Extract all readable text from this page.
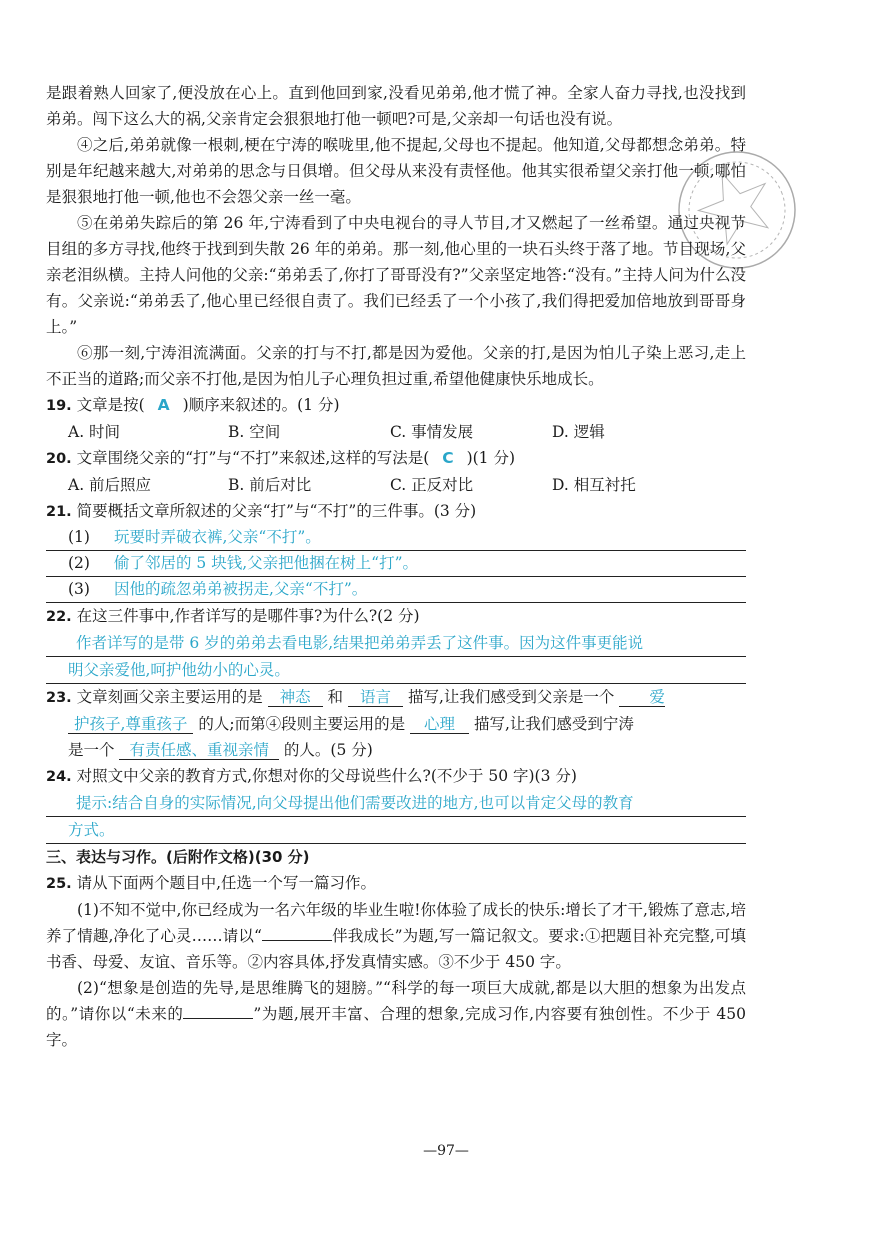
是跟着熟人回家了,便没放在心上。直到他回到家,没看见弟弟,他才慌了神。全家人奋力寻找,也没找到弟弟。闯下这么大的祸,父亲肯定会狠狠地打他一顿吧?可是,父亲却一句话也没有说。

④之后,弟弟就像一根刺,梗在宁涛的喉咙里,他不提起,父母也不提起。他知道,父母都想念弟弟。特别是年纪越来越大,对弟弟的思念与日俱增。但父母从来没有责怪他。他其实很希望父亲打他一顿,哪怕是狠狠地打他一顿,他也不会怨父亲一丝一毫。

⑤在弟弟失踪后的第 26 年,宁涛看到了中央电视台的寻人节目,才又燃起了一丝希望。通过央视节目组的多方寻找,他终于找到到失散 26 年的弟弟。那一刻,他心里的一块石头终于落了地。节目现场,父亲老泪纵横。主持人问他的父亲:“弟弟丢了,你打了哥哥没有?”父亲坚定地答:“没有。”主持人问为什么没有。父亲说:“弟弟丢了,他心里已经很自责了。我们已经丢了一个小孩了,我们得把爱加倍地放到哥哥身上。”

⑥那一刻,宁涛泪流满面。父亲的打与不打,都是因为爱他。父亲的打,是因为怕儿子染上恶习,走上不正当的道路;而父亲不打他,是因为怕儿子心理负担过重,希望他健康快乐地成长。

19. 文章是按( A )顺序来叙述的。(1 分)
A. 时间	B. 空间	C. 事情发展	D. 逻辑
20. 文章围绕父亲的“打”与“不打”来叙述,这样的写法是( C )(1 分)
A. 前后照应	B. 前后对比	C. 正反对比	D. 相互衬托
21. 简要概括文章所叙述的父亲“打”与“不打”的三件事。(3 分)
(1)	玩要时弄破衣裤,父亲“不打”。
(2)	偷了邻居的 5 块钱,父亲把他捆在树上“打”。
(3)	因他的疏忽弟弟被拐走,父亲“不打”。
22. 在这三件事中,作者详写的是哪件事?为什么?(2 分)
作者详写的是带 6 岁的弟弟去看电影,结果把弟弟弄丢了这件事。因为这件事更能说
明父亲爱他,呵护他幼小的心灵。
23. 文章刻画父亲主要运用的是 神态 和 语言 描写,让我们感受到父亲是一个 爱
护孩子,尊重孩子 的人;而第④段则主要运用的是 心理 描写,让我们感受到宁涛
是一个 有责任感、重视亲情 的人。(5 分)
24. 对照文中父亲的教育方式,你想对你的父母说些什么?(不少于 50 字)(3 分)
提示:结合自身的实际情况,向父母提出他们需要改进的地方,也可以肯定父母的教育
方式。
三、表达与习作。(后附作文格)(30 分)
25. 请从下面两个题目中,任选一个写一篇习作。

(1)不知不觉中,你已经成为一名六年级的毕业生啦!你体验了成长的快乐:增长了才干,锻炼了意志,培养了情趣,净化了心灵……请以“	伴我成长”为题,写一篇记叙文。要求:①把题目补充完整,可填书香、母爱、友谊、音乐等。②内容具体,抒发真情实感。③不少于 450 字。

(2)“想象是创造的先导,是思维腾飞的翅膀。”“科学的每一项巨大成就,都是以大胆的想象为出发点的。”请你以“未来的	”为题,展开丰富、合理的想象,完成习作,内容要有独创性。不少于 450 字。

—97—
